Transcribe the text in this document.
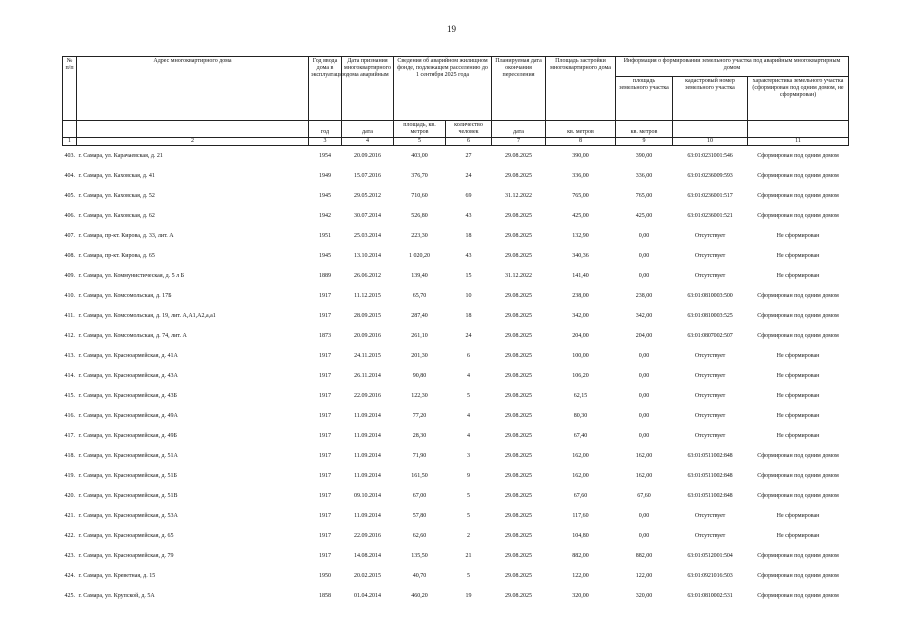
19
№ п/п	Адрес многоквартирного дома	Год ввода дома в эксплуатацию	Дата признания многоквартирного дома аварийным	Сведения об аварийном жилищном фонде, подлежащем расселению до 1 сентября 2025 года		Планируемая дата окончания переселения	Площадь застройки многоквартирного дома	Информация о формировании земельного участка под аварийным многоквартирным домом		
								площадь земельного участка	кадастровый номер земельного участка	характеристика земельного участка (сформирован под одним домом, не сформирован)
		год	дата	площадь, кв. метров	количество человек	дата	кв. метров	кв. метров		
1	2	3	4	5	6	7	8	9	10	11
403.	г. Самара, ул. Карачаевская, д. 21	1954	20.09.2016	403,00	27	29.08.2025	390,00	390,00	63:01:0231001:546	Сформирован под одним домом
404.	г. Самара, ул. Каховская, д. 41	1949	15.07.2016	376,70	24	29.08.2025	336,00	336,00	63:01:0236009:593	Сформирован под одним домом
405.	г. Самара, ул. Каховская, д. 52	1945	29.05.2012	710,60	69	31.12.2022	765,00	765,00	63:01:0236001:517	Сформирован под одним домом
406.	г. Самара, ул. Каховская, д. 62	1942	30.07.2014	526,80	43	29.08.2025	425,00	425,00	63:01:0236001:521	Сформирован под одним домом
407.	г. Самара, пр-кт. Кирова, д. 33, лит. А	1951	25.03.2014	223,30	18	29.08.2025	132,90	0,00	Отсутствует	Не сформирован
408.	г. Самара, пр-кт. Кирова, д. 65	1945	13.10.2014	1 020,20	43	29.08.2025	340,36	0,00	Отсутствует	Не сформирован
409.	г. Самара, ул. Коммунистическая, д. 5 л Б	1889	26.06.2012	139,40	15	31.12.2022	141,40	0,00	Отсутствует	Не сформирован
410.	г. Самара, ул. Комсомольская, д. 17Б	1917	11.12.2015	65,70	10	29.08.2025	238,00	238,00	63:01:0810003:500	Сформирован под одним домом
411.	г. Самара, ул. Комсомольская, д. 19, лит. А,А1,А2,а,а1	1917	28.09.2015	287,40	18	29.08.2025	342,00	342,00	63:01:0810003:525	Сформирован под одним домом
412.	г. Самара, ул. Комсомольская, д. 74, лит. А	1873	20.09.2016	261,10	24	29.08.2025	204,00	204,00	63:01:0807002:507	Сформирован под одним домом
413.	г. Самара, ул. Красноармейская, д. 41А	1917	24.11.2015	201,30	6	29.08.2025	100,00	0,00	Отсутствует	Не сформирован
414.	г. Самара, ул. Красноармейская, д. 43А	1917	26.11.2014	90,80	4	29.08.2025	106,20	0,00	Отсутствует	Не сформирован
415.	г. Самара, ул. Красноармейская, д. 43Б	1917	22.09.2016	122,30	5	29.08.2025	62,15	0,00	Отсутствует	Не сформирован
416.	г. Самара, ул. Красноармейская, д. 49А	1917	11.09.2014	77,20	4	29.08.2025	80,30	0,00	Отсутствует	Не сформирован
417.	г. Самара, ул. Красноармейская, д. 49Б	1917	11.09.2014	28,30	4	29.08.2025	67,40	0,00	Отсутствует	Не сформирован
418.	г. Самара, ул. Красноармейская, д. 51А	1917	11.09.2014	71,90	3	29.08.2025	162,00	162,00	63:01:0511002:848	Сформирован под одним домом
419.	г. Самара, ул. Красноармейская, д. 51Б	1917	11.09.2014	161,50	9	29.08.2025	162,00	162,00	63:01:0511002:848	Сформирован под одним домом
420.	г. Самара, ул. Красноармейская, д. 51В	1917	09.10.2014	67,00	5	29.08.2025	67,60	67,60	63:01:0511002:848	Сформирован под одним домом
421.	г. Самара, ул. Красноармейская, д. 53А	1917	11.09.2014	57,80	5	29.08.2025	117,60	0,00	Отсутствует	Не сформирован
422.	г. Самара, ул. Красноармейская, д. 65	1917	22.09.2016	62,60	2	29.08.2025	104,80	0,00	Отсутствует	Не сформирован
423.	г. Самара, ул. Красноармейская, д. 79	1917	14.08.2014	135,50	21	29.08.2025	882,00	882,00	63:01:0512001:504	Сформирован под одним домом
424.	г. Самара, ул. Креветная, д. 15	1950	20.02.2015	40,70	5	29.08.2025	122,00	122,00	63:01:0921016:503	Сформирован под одним домом
425.	г. Самара, ул. Крупской, д. 5А	1858	01.04.2014	460,20	19	29.08.2025	320,00	320,00	63:01:0810002:531	Сформирован под одним домом
